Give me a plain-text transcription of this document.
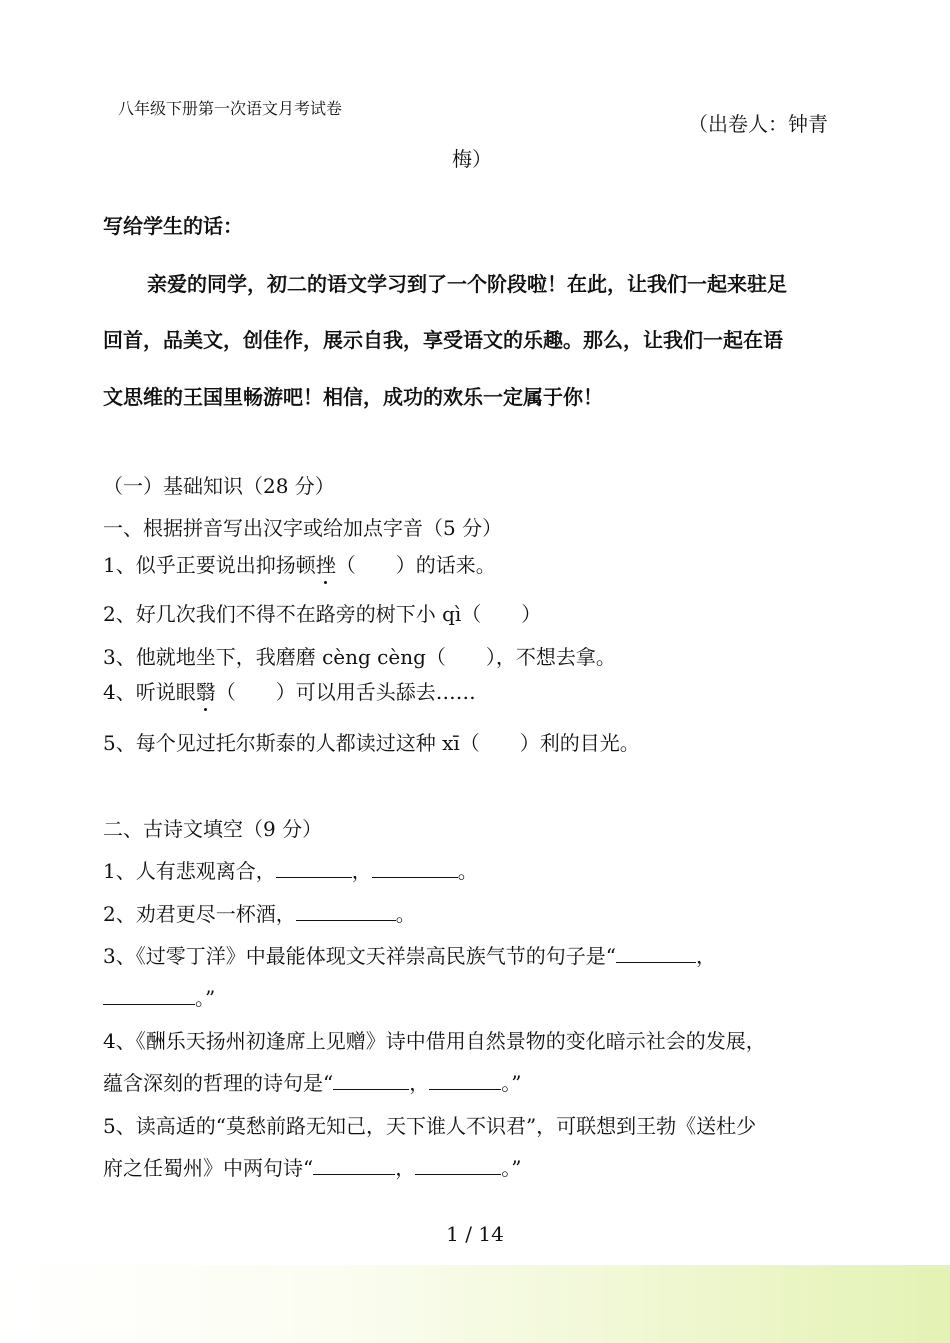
八年级下册第一次语文月考试卷
（出卷人：钟青
梅）
写给学生的话：
亲爱的同学，初二的语文学习到了一个阶段啦！在此，让我们一起来驻足
回首，品美文，创佳作，展示自我，享受语文的乐趣。那么，让我们一起在语
文思维的王国里畅游吧！相信，成功的欢乐一定属于你！
（一）基础知识（28 分）
一、根据拼音写出汉字或给加点字音（5 分）
1、似乎正要说出抑扬顿挫（　　）的话来。
2、好几次我们不得不在路旁的树下小 qì（　　）
3、他就地坐下，我磨磨 cèng cèng（　　），不想去拿。
4、听说眼翳（　　）可以用舌头舔去……
5、每个见过托尔斯泰的人都读过这种 xī（　　）利的目光。
二、古诗文填空（9 分）
1、人有悲观离合，	，	。
2、劝君更尽一杯酒，	。
3、《过零丁洋》中最能体现文天祥崇高民族气节的句子是“	，
。”
4、《酬乐天扬州初逢席上见赠》诗中借用自然景物的变化暗示社会的发展，
蕴含深刻的哲理的诗句是“	，	。”
5、读高适的“莫愁前路无知己，天下谁人不识君”，可联想到王勃《送杜少
府之任蜀州》中两句诗“	，	。”
1 / 14
